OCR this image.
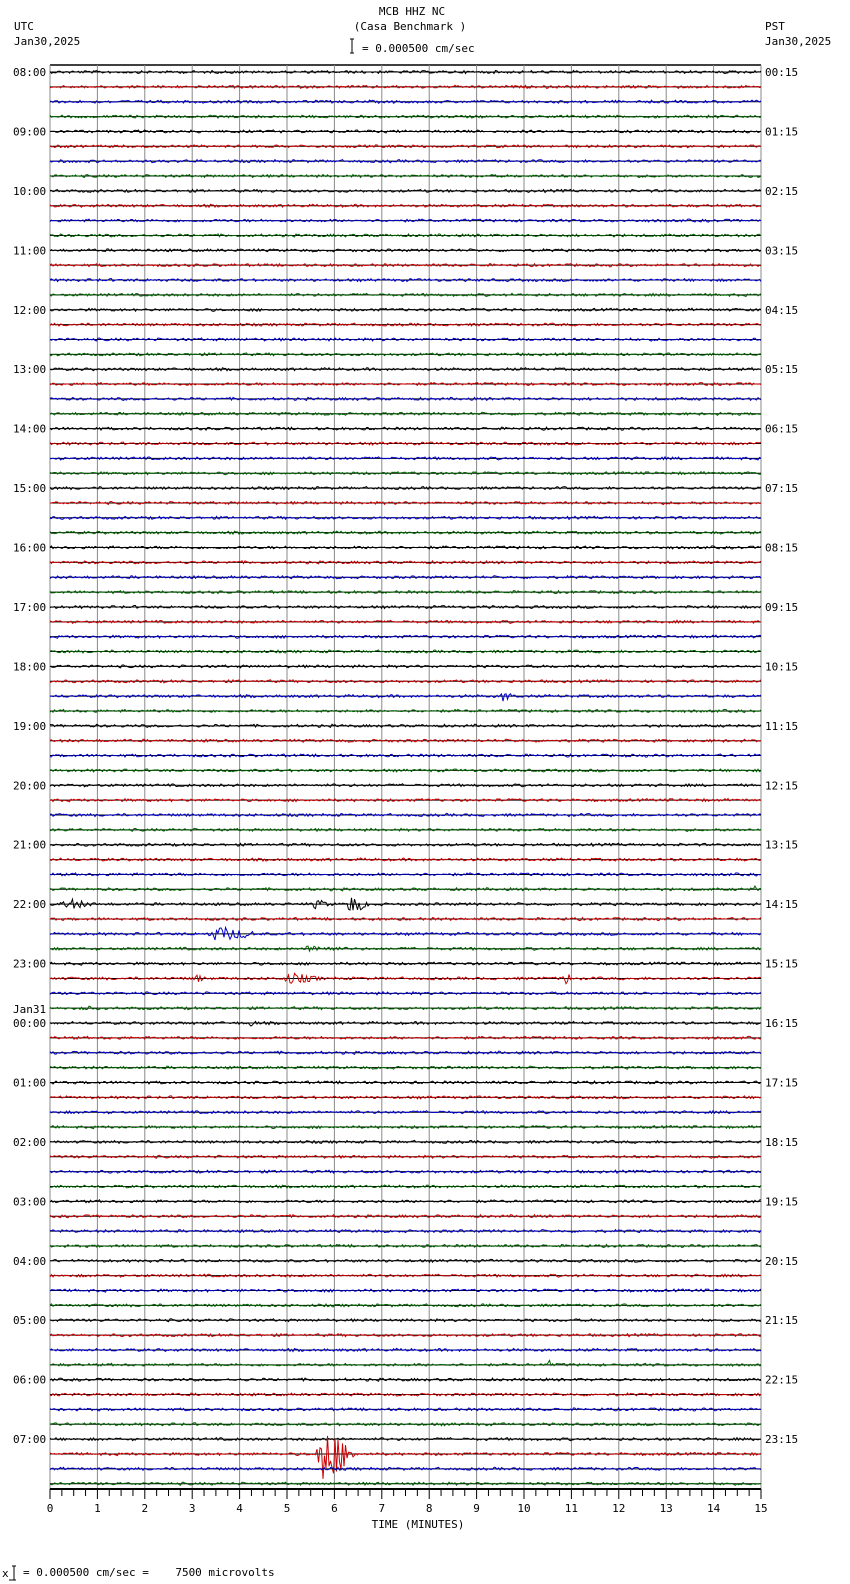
MCB HHZ NC
(Casa Benchmark )
= 0.000500 cm/sec
UTC
Jan30,2025
PST
Jan30,2025
08:00
09:00
10:00
11:00
12:00
13:00
14:00
15:00
16:00
17:00
18:00
19:00
20:00
21:00
22:00
23:00
00:00
Jan31
01:00
02:00
03:00
04:00
05:00
06:00
07:00
00:15
01:15
02:15
03:15
04:15
05:15
06:15
07:15
08:15
09:15
10:15
11:15
12:15
13:15
14:15
15:15
16:15
17:15
18:15
19:15
20:15
21:15
22:15
23:15
0	1	2	3	4	5	6	7	8	9	10	11	12	13	14	15
TIME (MINUTES)
x = 0.000500 cm/sec =    7500 microvolts
